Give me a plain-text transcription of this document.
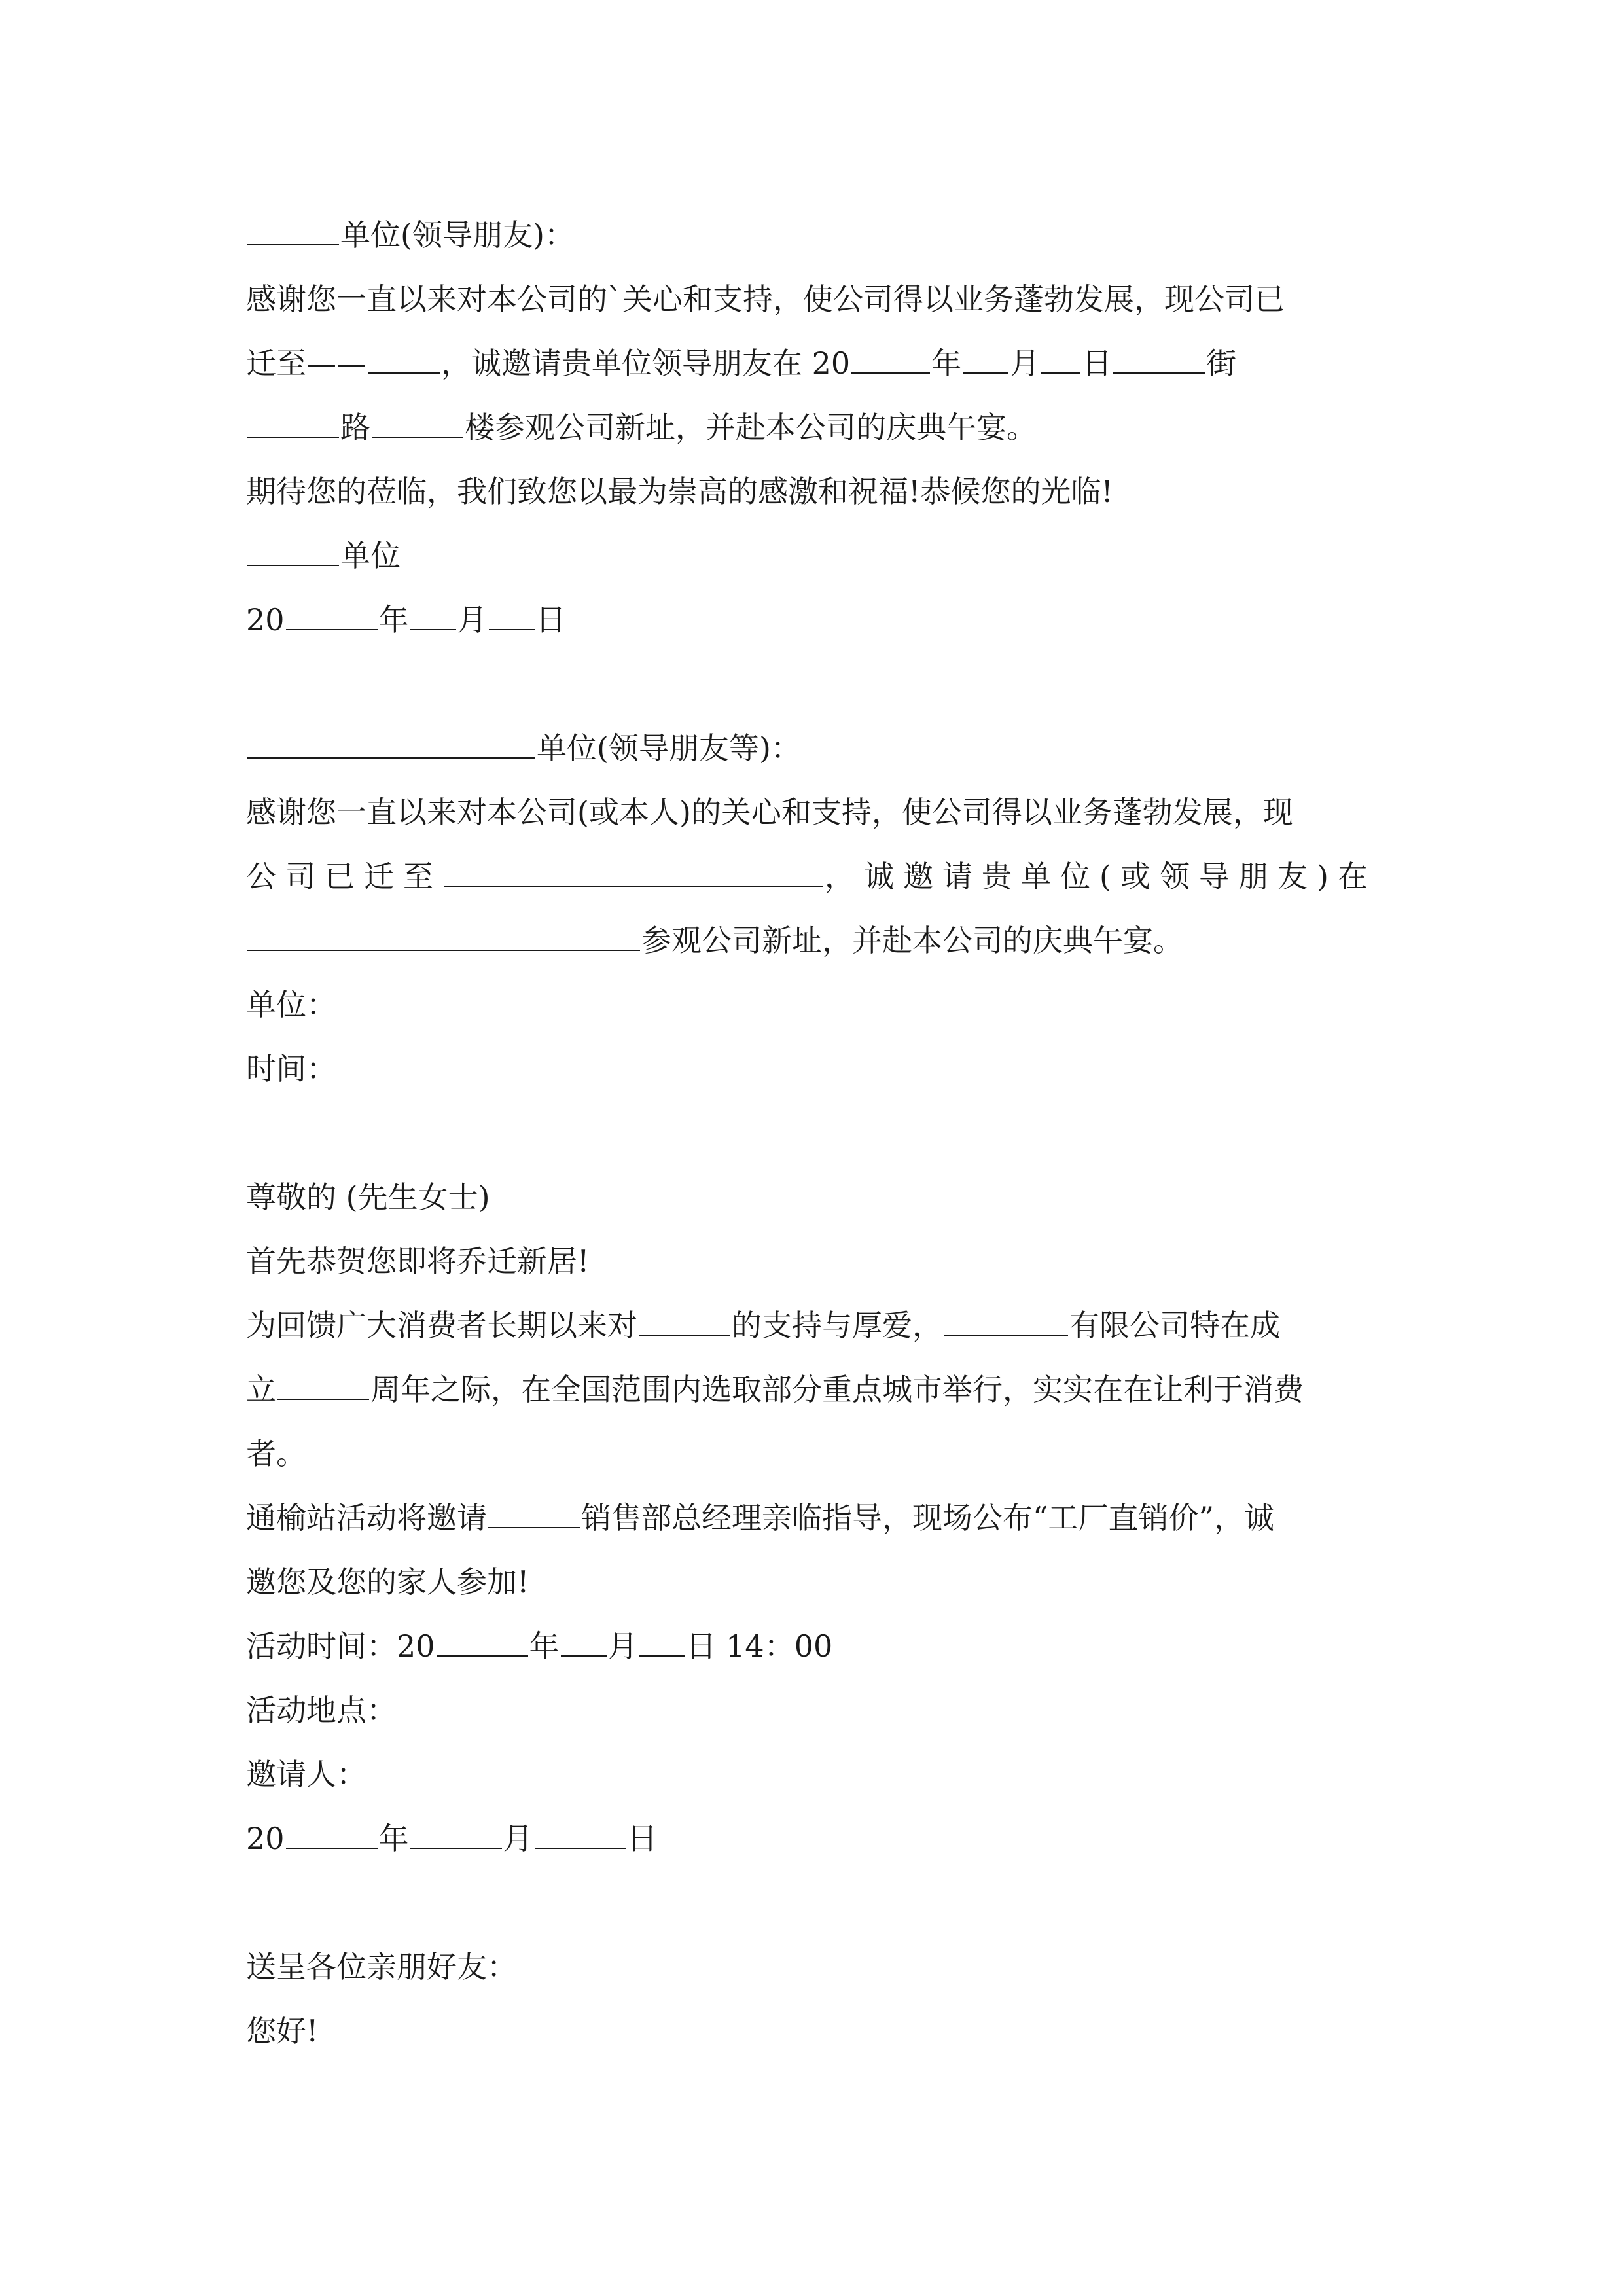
单位(领导朋友)：
感谢您一直以来对本公司的`关心和支持，使公司得以业务蓬勃发展，现公司已
迁至—— ，诚邀请贵单位领导朋友在 20	年 月 日	街
路	楼参观公司新址，并赴本公司的庆典午宴。
期待您的莅临，我们致您以最为崇高的感激和祝福!恭候您的光临!
单位
20	年 月 日
单位(领导朋友等)：
感谢您一直以来对本公司(或本人)的关心和支持，使公司得以业务蓬勃发展，现
公司已迁至	，诚邀请贵单位(或领导朋友)在
参观公司新址，并赴本公司的庆典午宴。
单位：
时间：
尊敬的 (先生女士)
首先恭贺您即将乔迁新居!
为回馈广大消费者长期以来对	的支持与厚爱，	有限公司特在成
立	周年之际，在全国范围内选取部分重点城市举行，实实在在让利于消费
者。
通榆站活动将邀请	销售部总经理亲临指导，现场公布“工厂直销价”，诚
邀您及您的家人参加!
活动时间：20	年 月 日 14：00
活动地点：
邀请人：
20	年	月	日
送呈各位亲朋好友：
您好!
